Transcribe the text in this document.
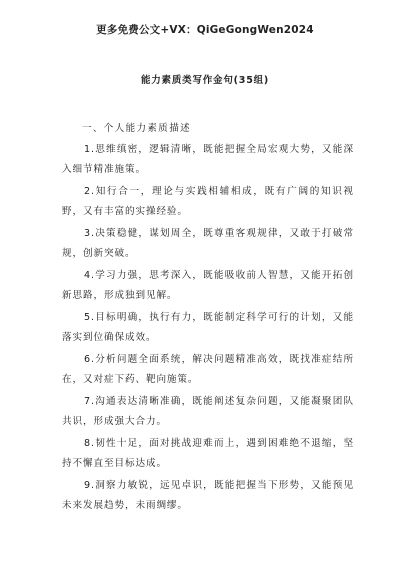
更多免费公文+VX：QiGeGongWen2024
能力素质类写作金句(35组)
一、个人能力素质描述

1.思维缜密，逻辑清晰，既能把握全局宏观大势，又能深入细节精准施策。

2.知行合一，理论与实践相辅相成，既有广阔的知识视野，又有丰富的实操经验。

3.决策稳健，谋划周全，既尊重客观规律，又敢于打破常规，创新突破。

4.学习力强，思考深入，既能吸收前人智慧，又能开拓创新思路，形成独到见解。

5.目标明确，执行有力，既能制定科学可行的计划，又能落实到位确保成效。

6.分析问题全面系统，解决问题精准高效，既找准症结所在，又对症下药、靶向施策。

7.沟通表达清晰准确，既能阐述复杂问题，又能凝聚团队共识，形成强大合力。

8.韧性十足，面对挑战迎难而上，遇到困难绝不退缩，坚持不懈直至目标达成。

9.洞察力敏锐，远见卓识，既能把握当下形势，又能预见未来发展趋势，未雨绸缪。
